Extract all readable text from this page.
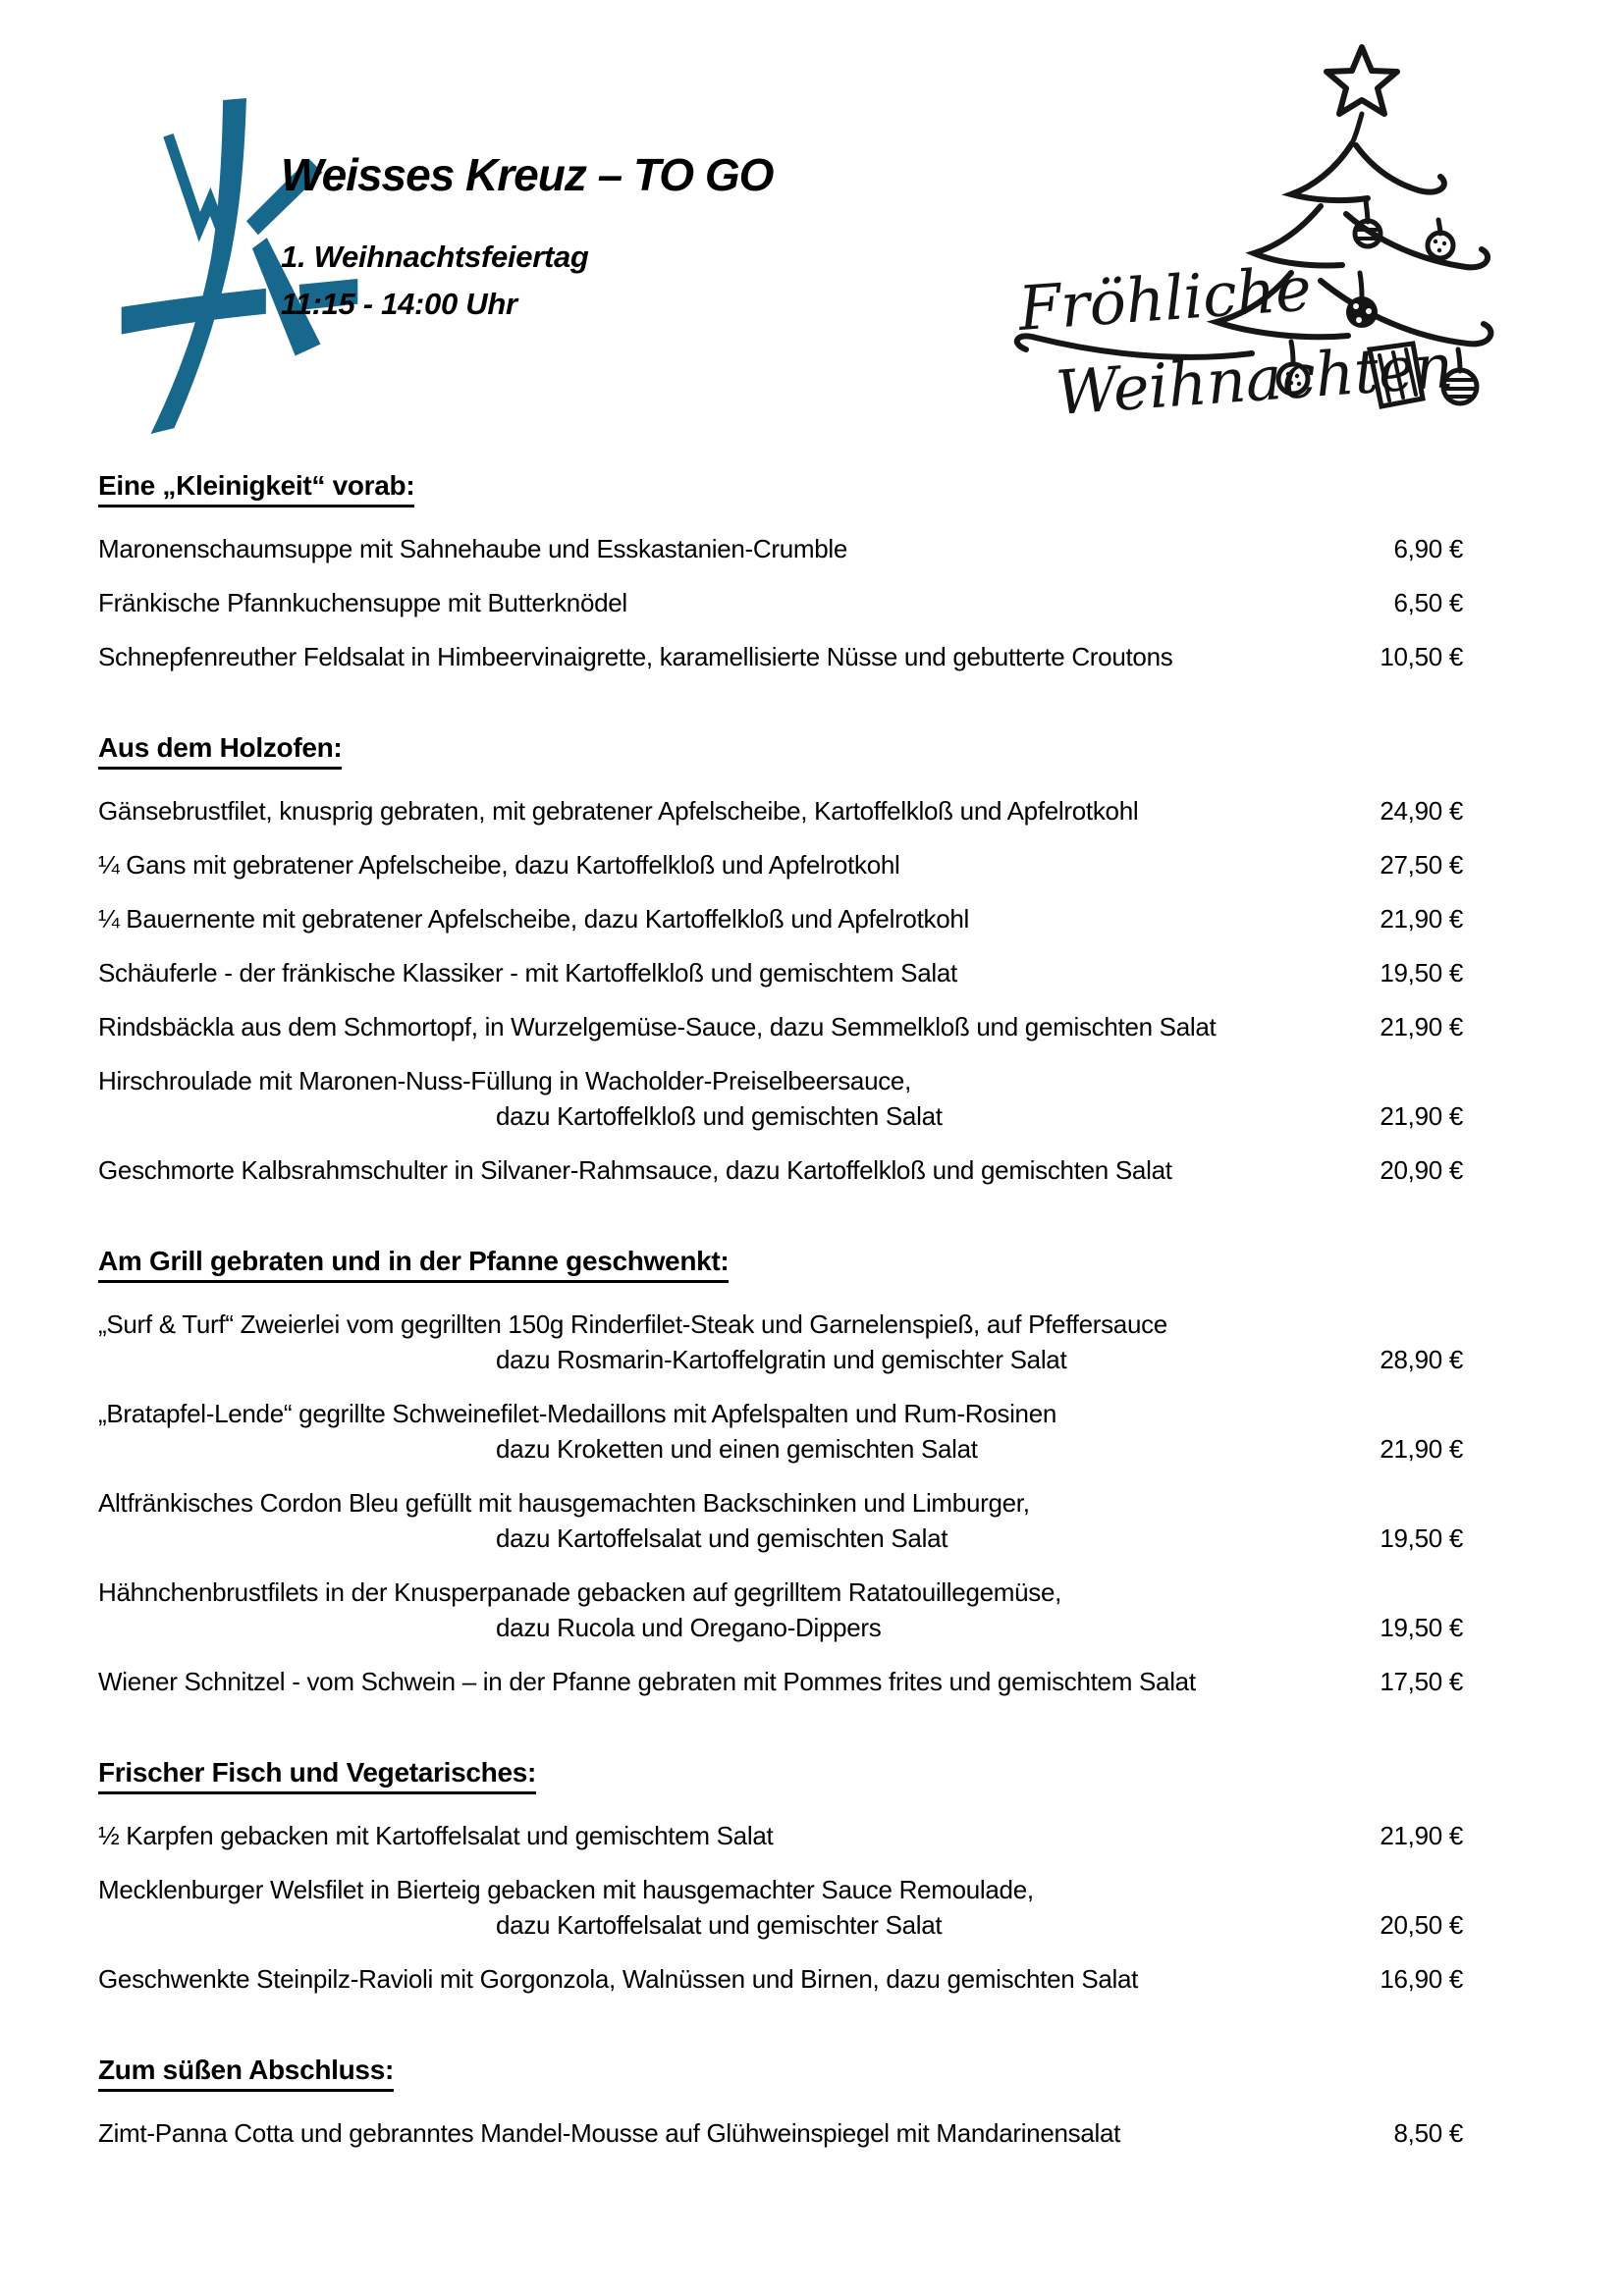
Weisses Kreuz – TO GO
1. Weihnachtsfeiertag
11:15 - 14:00 Uhr	Fröhliche
Weihnachten
Eine „Kleinigkeit“ vorab:
Maronenschaumsuppe mit Sahnehaube und Esskastanien-Crumble	6,90 €
Fränkische Pfannkuchensuppe mit Butterknödel	6,50 €
Schnepfenreuther Feldsalat in Himbeervinaigrette, karamellisierte Nüsse und gebutterte Croutons	10,50 €
Aus dem Holzofen:
Gänsebrustfilet, knusprig gebraten, mit gebratener Apfelscheibe, Kartoffelkloß und Apfelrotkohl	24,90 €
¼ Gans mit gebratener Apfelscheibe, dazu Kartoffelkloß und Apfelrotkohl	27,50 €
¼ Bauernente mit gebratener Apfelscheibe, dazu Kartoffelkloß und Apfelrotkohl	21,90 €
Schäuferle - der fränkische Klassiker - mit Kartoffelkloß und gemischtem Salat	19,50 €
Rindsbäckla aus dem Schmortopf, in Wurzelgemüse-Sauce, dazu Semmelkloß und gemischten Salat	21,90 €
Hirschroulade mit Maronen-Nuss-Füllung in Wacholder-Preiselbeersauce,
dazu Kartoffelkloß und gemischten Salat	21,90 €
Geschmorte Kalbsrahmschulter in Silvaner-Rahmsauce, dazu Kartoffelkloß und gemischten Salat	20,90 €
Am Grill gebraten und in der Pfanne geschwenkt:
„Surf & Turf“ Zweierlei vom gegrillten 150g Rinderfilet-Steak und Garnelenspieß, auf Pfeffersauce
dazu Rosmarin-Kartoffelgratin und gemischter Salat	28,90 €
„Bratapfel-Lende“ gegrillte Schweinefilet-Medaillons mit Apfelspalten und Rum-Rosinen
dazu Kroketten und einen gemischten Salat	21,90 €
Altfränkisches Cordon Bleu gefüllt mit hausgemachten Backschinken und Limburger,
dazu Kartoffelsalat und gemischten Salat	19,50 €
Hähnchenbrustfilets in der Knusperpanade gebacken auf gegrilltem Ratatouillegemüse,
dazu Rucola und Oregano-Dippers	19,50 €
Wiener Schnitzel - vom Schwein – in der Pfanne gebraten mit Pommes frites und gemischtem Salat	17,50 €
Frischer Fisch und Vegetarisches:
½ Karpfen gebacken mit Kartoffelsalat und gemischtem Salat	21,90 €
Mecklenburger Welsfilet in Bierteig gebacken mit hausgemachter Sauce Remoulade,
dazu Kartoffelsalat und gemischter Salat	20,50 €
Geschwenkte Steinpilz-Ravioli mit Gorgonzola, Walnüssen und Birnen, dazu gemischten Salat	16,90 €
Zum süßen Abschluss:
Zimt-Panna Cotta und gebranntes Mandel-Mousse auf Glühweinspiegel mit Mandarinensalat	8,50 €
